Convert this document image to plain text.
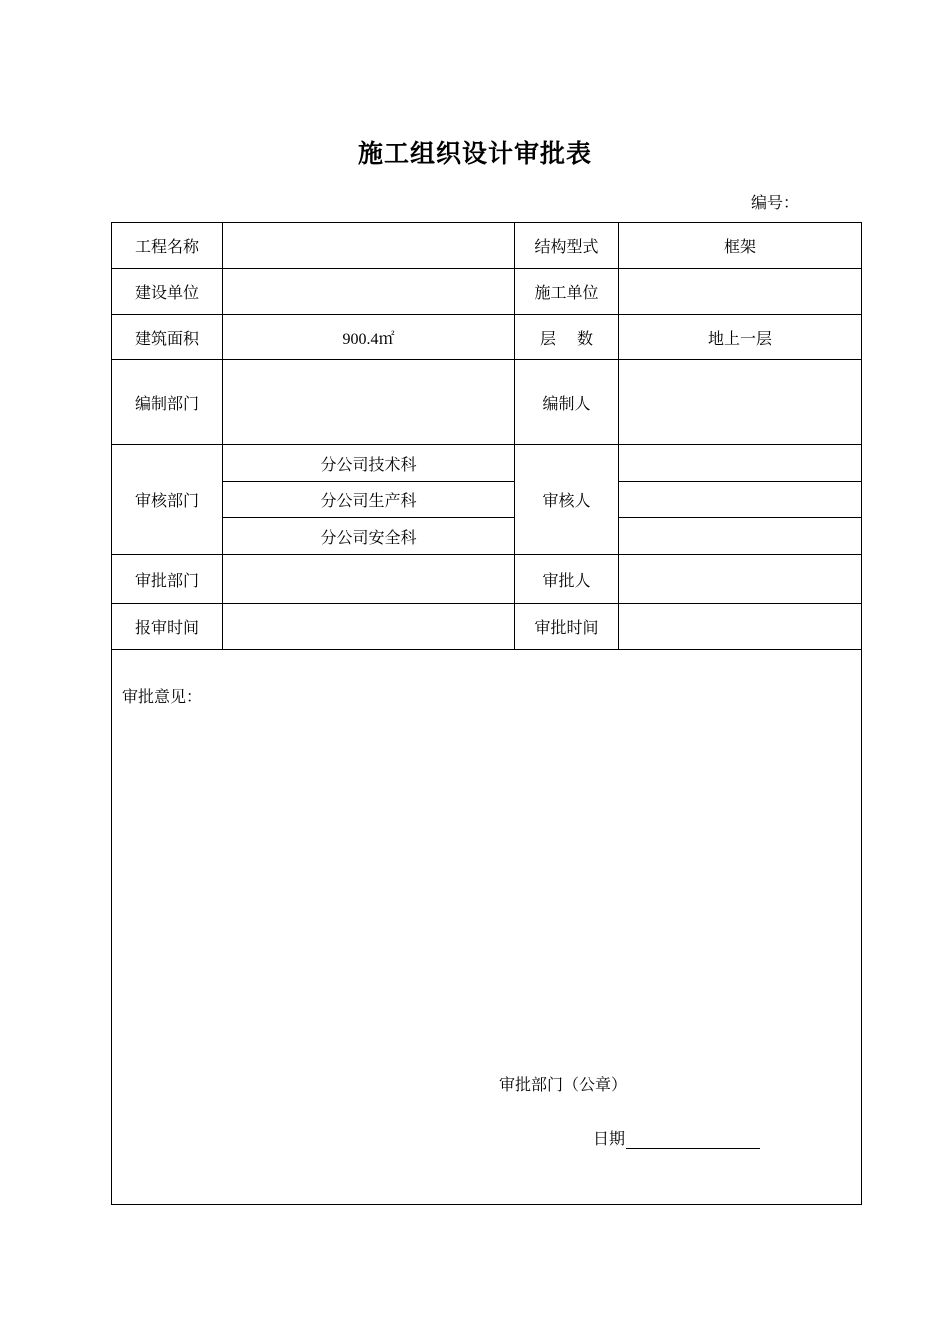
施工组织设计审批表
编号：
工程名称		结构型式	框架
建设单位		施工单位	
建筑面积	900.4㎡	层　 数	地上一层
编制部门		编制人	
审核部门	分公司技术科	审核人	
	分公司生产科		
	分公司安全科		
审批部门		审批人	
报审时间		审批时间	

审批意见：
审批部门（公章）
日期			
